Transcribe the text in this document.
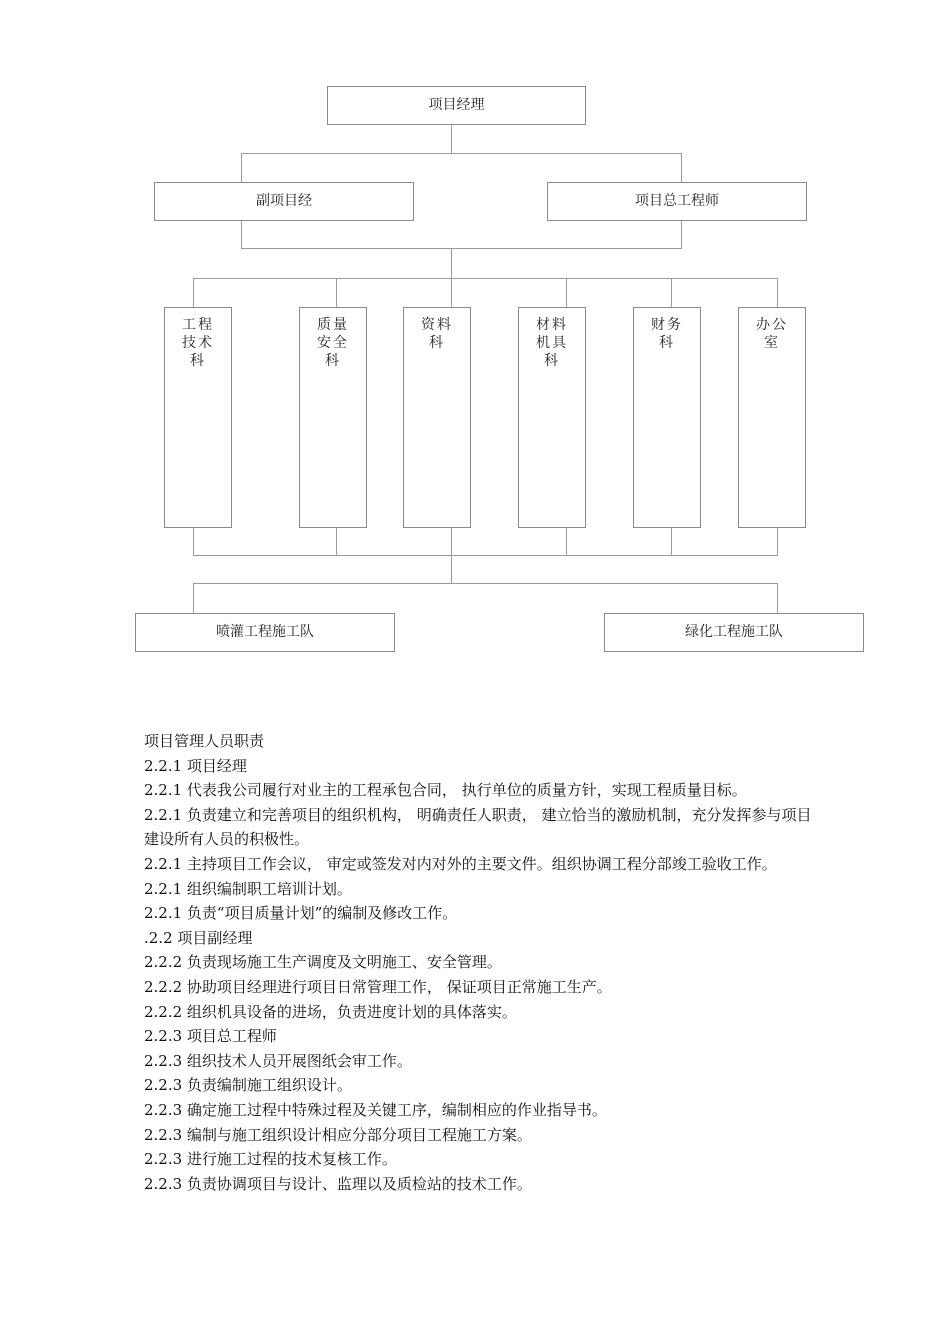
项目经理
副项目经	项目总工程师
工程
技术
科
质量
安全
科
资料
科
材料
机具
科
财务
科
办公
室
喷灌工程施工队	绿化工程施工队

项目管理人员职责

2.2.1 项目经理

2.2.1 代表我公司履行对业主的工程承包合同， 执行单位的质量方针，实现工程质量目标。

2.2.1 负责建立和完善项目的组织机构， 明确责任人职责， 建立恰当的激励机制，充分发挥参与项目建设所有人员的积极性。

2.2.1 主持项目工作会议， 审定或签发对内对外的主要文件。组织协调工程分部竣工验收工作。

2.2.1 组织编制职工培训计划。

2.2.1 负责“项目质量计划”的编制及修改工作。

.2.2 项目副经理

2.2.2 负责现场施工生产调度及文明施工、安全管理。

2.2.2 协助项目经理进行项目日常管理工作， 保证项目正常施工生产。

2.2.2 组织机具设备的进场，负责进度计划的具体落实。

2.2.3 项目总工程师

2.2.3 组织技术人员开展图纸会审工作。

2.2.3 负责编制施工组织设计。

2.2.3 确定施工过程中特殊过程及关键工序，编制相应的作业指导书。

2.2.3 编制与施工组织设计相应分部分项目工程施工方案。

2.2.3 进行施工过程的技术复核工作。

2.2.3 负责协调项目与设计、监理以及质检站的技术工作。
